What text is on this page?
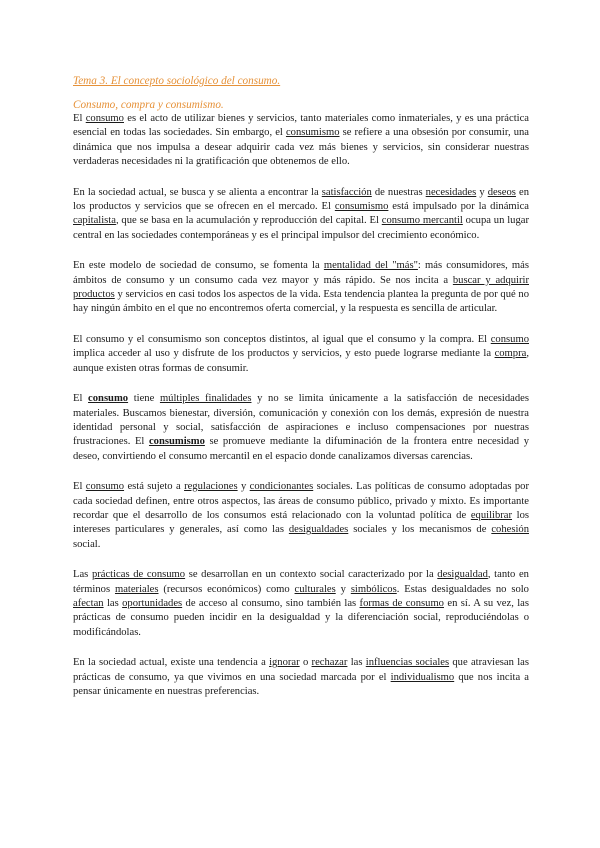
Tema 3. El concepto sociológico del consumo.
Consumo, compra y consumismo.

El consumo es el acto de utilizar bienes y servicios, tanto materiales como inmateriales, y es una práctica esencial en todas las sociedades. Sin embargo, el consumismo se refiere a una obsesión por consumir, una dinámica que nos impulsa a desear adquirir cada vez más bienes y servicios, sin considerar nuestras verdaderas necesidades ni la gratificación que obtenemos de ello.

En la sociedad actual, se busca y se alienta a encontrar la satisfacción de nuestras necesidades y deseos en los productos y servicios que se ofrecen en el mercado. El consumismo está impulsado por la dinámica capitalista, que se basa en la acumulación y reproducción del capital. El consumo mercantil ocupa un lugar central en las sociedades contemporáneas y es el principal impulsor del crecimiento económico.

En este modelo de sociedad de consumo, se fomenta la mentalidad del "más": más consumidores, más ámbitos de consumo y un consumo cada vez mayor y más rápido. Se nos incita a buscar y adquirir productos y servicios en casi todos los aspectos de la vida. Esta tendencia plantea la pregunta de por qué no hay ningún ámbito en el que no encontremos oferta comercial, y la respuesta es sencilla de articular.

El consumo y el consumismo son conceptos distintos, al igual que el consumo y la compra. El consumo implica acceder al uso y disfrute de los productos y servicios, y esto puede lograrse mediante la compra, aunque existen otras formas de consumir.

El consumo tiene múltiples finalidades y no se limita únicamente a la satisfacción de necesidades materiales. Buscamos bienestar, diversión, comunicación y conexión con los demás, expresión de nuestra identidad personal y social, satisfacción de aspiraciones e incluso compensaciones por nuestras frustraciones. El consumismo se promueve mediante la difuminación de la frontera entre necesidad y deseo, convirtiendo el consumo mercantil en el espacio donde canalizamos diversas carencias.

El consumo está sujeto a regulaciones y condicionantes sociales. Las políticas de consumo adoptadas por cada sociedad definen, entre otros aspectos, las áreas de consumo público, privado y mixto. Es importante recordar que el desarrollo de los consumos está relacionado con la voluntad política de equilibrar los intereses particulares y generales, así como las desigualdades sociales y los mecanismos de cohesión social.

Las prácticas de consumo se desarrollan en un contexto social caracterizado por la desigualdad, tanto en términos materiales (recursos económicos) como culturales y simbólicos. Estas desigualdades no solo afectan las oportunidades de acceso al consumo, sino también las formas de consumo en sí. A su vez, las prácticas de consumo pueden incidir en la desigualdad y la diferenciación social, reproduciéndolas o modificándolas.

En la sociedad actual, existe una tendencia a ignorar o rechazar las influencias sociales que atraviesan las prácticas de consumo, ya que vivimos en una sociedad marcada por el individualismo que nos incita a pensar únicamente en nuestras preferencias.
